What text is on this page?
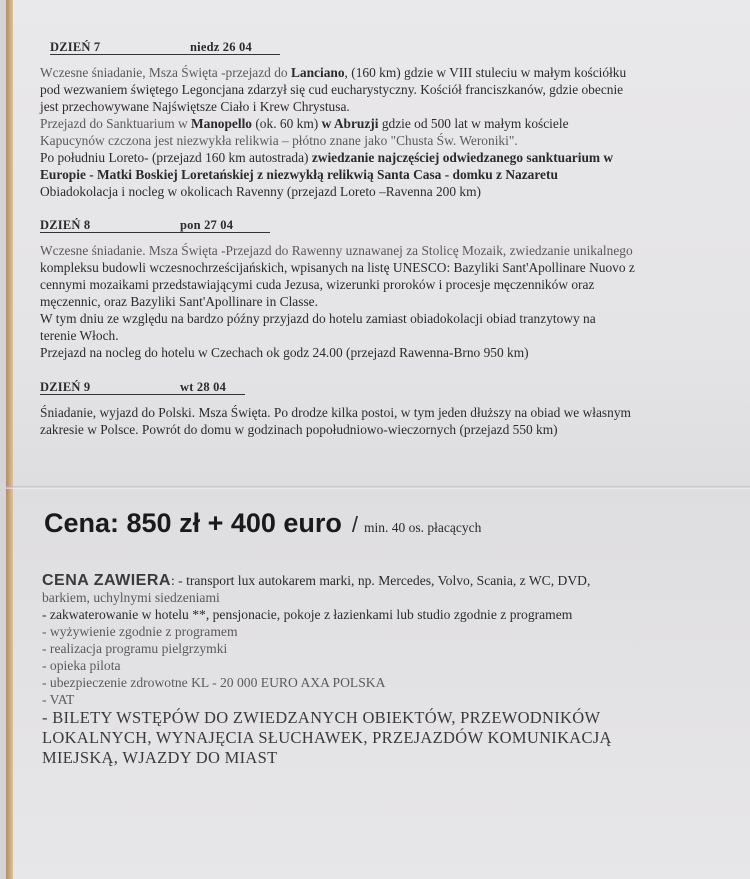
DZIEŃ 7	niedz 26 04
Wczesne śniadanie, Msza Święta -przejazd do Lanciano, (160 km) gdzie w VIII stuleciu w małym kościółku
pod wezwaniem świętego Legoncjana zdarzył się cud eucharystyczny. Kościół franciszkanów, gdzie obecnie
jest przechowywane Najświętsze Ciało i Krew Chrystusa.
Przejazd do Sanktuarium w Manopello (ok. 60 km) w Abruzji gdzie od 500 lat w małym kościele
Kapucynów czczona jest niezwykła relikwia – płótno znane jako "Chusta Św. Weroniki".
Po południu Loreto- (przejazd 160 km autostrada) zwiedzanie najczęściej odwiedzanego sanktuarium w
Europie - Matki Boskiej Loretańskiej z niezwykłą relikwią Santa Casa - domku z Nazaretu
Obiadokolacja i nocleg w okolicach Ravenny (przejazd Loreto –Ravenna 200 km)
DZIEŃ 8	pon 27 04
Wczesne śniadanie. Msza Święta -Przejazd do Rawenny uznawanej za Stolicę Mozaik, zwiedzanie unikalnego
kompleksu budowli wczesnochrześcijańskich, wpisanych na listę UNESCO: Bazyliki Sant'Apollinare Nuovo z
cennymi mozaikami przedstawiającymi cuda Jezusa, wizerunki proroków i procesje męczenników oraz
męczennic, oraz Bazyliki Sant'Apollinare in Classe.
W tym dniu ze względu na bardzo późny przyjazd do hotelu zamiast obiadokolacji obiad tranzytowy na
terenie Włoch.
Przejazd na nocleg do hotelu w Czechach ok godz 24.00 (przejazd Rawenna-Brno 950 km)
DZIEŃ 9	wt 28 04
Śniadanie, wyjazd do Polski. Msza Święta. Po drodze kilka postoi, w tym jeden dłuższy na obiad we własnym
zakresie w Polsce. Powrót do domu w godzinach popołudniowo-wieczornych (przejazd 550 km)
Cena: 850 zł + 400 euro / min. 40 os. płacących
CENA ZAWIERA: - transport lux autokarem marki, np. Mercedes, Volvo, Scania, z WC, DVD,
barkiem, uchylnymi siedzeniami
- zakwaterowanie w hotelu **, pensjonacie, pokoje z łazienkami lub studio zgodnie z programem
- wyżywienie zgodnie z programem
- realizacja programu pielgrzymki
- opieka pilota
- ubezpieczenie zdrowotne KL - 20 000 EURO AXA POLSKA
- VAT
- BILETY WSTĘPÓW DO ZWIEDZANYCH OBIEKTÓW, PRZEWODNIKÓW
LOKALNYCH, WYNAJĘCIA SŁUCHAWEK, PRZEJAZDÓW KOMUNIKACJĄ
MIEJSKĄ, WJAZDY DO MIAST
